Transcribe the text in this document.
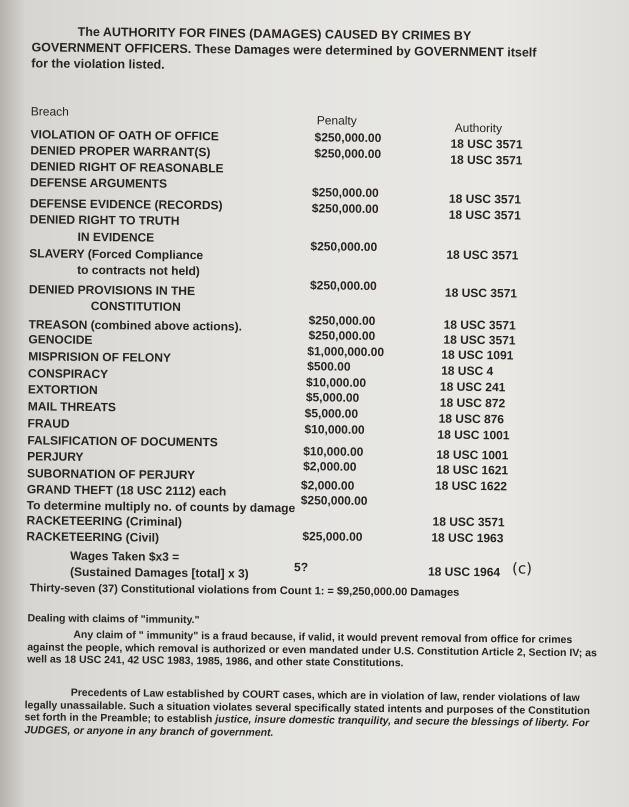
The AUTHORITY FOR FINES (DAMAGES) CAUSED BY CRIMES BY
GOVERNMENT OFFICERS. These Damages were determined by GOVERNMENT itself
for the violation listed.
Breach
Penalty
Authority
VIOLATION OF OATH OF OFFICE
DENIED PROPER WARRANT(S)
DENIED RIGHT OF REASONABLE
DEFENSE ARGUMENTS
DEFENSE EVIDENCE (RECORDS)
DENIED RIGHT TO TRUTH
IN EVIDENCE
SLAVERY (Forced Compliance
to contracts not held)
DENIED PROVISIONS IN THE
CONSTITUTION
TREASON (combined above actions).
GENOCIDE
MISPRISION OF FELONY
CONSPIRACY
EXTORTION
MAIL THREATS
FRAUD
FALSIFICATION OF DOCUMENTS
PERJURY
SUBORNATION OF PERJURY
GRAND THEFT (18 USC 2112) each
To determine multiply no. of counts by damage
RACKETEERING (Criminal)
RACKETEERING (Civil)
Wages Taken $x3 =
(Sustained Damages [total] x 3)
$250,000.00
$250,000.00
$250,000.00
$250,000.00
$250,000.00
$250,000.00
$250,000.00
$250,000.00
$1,000,000.00
$500.00
$10,000.00
$5,000.00
$5,000.00
$10,000.00
$10,000.00
$2,000.00
$2,000.00
$250,000.00
$25,000.00
5?
18 USC 3571
18 USC 3571
18 USC 3571
18 USC 3571
18 USC 3571
18 USC 3571
18 USC 3571
18 USC 3571
18 USC 1091
18 USC 4
18 USC 241
18 USC 872
18 USC 876
18 USC 1001
18 USC 1001
18 USC 1621
18 USC 1622
18 USC 3571
18 USC 1963
18 USC 1964 (c)
Thirty-seven (37) Constitutional violations from Count 1: = $9,250,000.00 Damages
Dealing with claims of "immunity."
Any claim of " immunity" is a fraud because, if valid, it would prevent removal from office for crimes against the people, which removal is authorized or even mandated under U.S. Constitution Article 2, Section IV; as well as 18 USC 241, 42 USC 1983, 1985, 1986, and other state Constitutions.
Precedents of Law established by COURT cases, which are in violation of law, render violations of law legally unassailable. Such a situation violates several specifically stated intents and purposes of the Constitution set forth in the Preamble; to establish justice, insure domestic tranquility, and secure the blessings of liberty. For JUDGES, or anyone in any branch of government.
